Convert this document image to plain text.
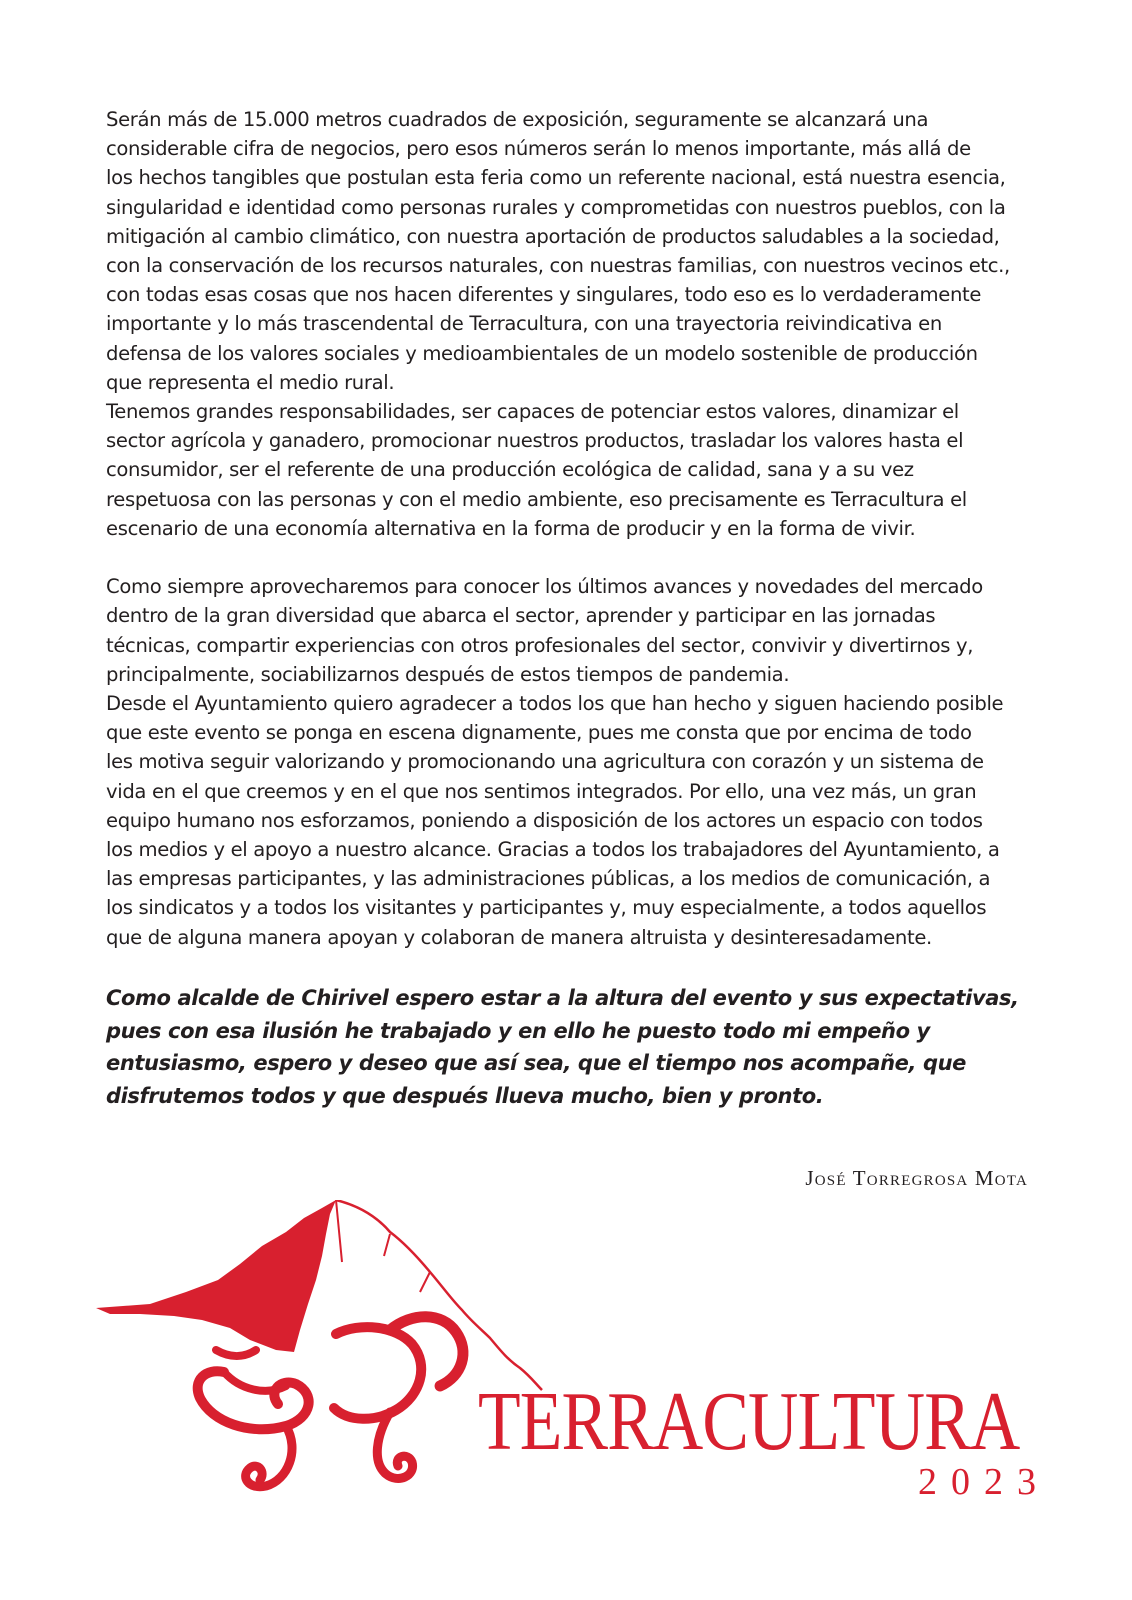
Serán más de 15.000 metros cuadrados de exposición, seguramente se alcanzará una
considerable cifra de negocios, pero esos números serán lo menos importante, más allá de
los hechos tangibles que postulan esta feria como un referente nacional, está nuestra esencia,
singularidad e identidad como personas rurales y comprometidas con nuestros pueblos, con la
mitigación al cambio climático, con nuestra aportación de productos saludables a la sociedad,
con la conservación de los recursos naturales, con nuestras familias, con nuestros vecinos etc.,
con todas esas cosas que nos hacen diferentes y singulares, todo eso es lo verdaderamente
importante y lo más trascendental de Terracultura, con una trayectoria reivindicativa en
defensa de los valores sociales y medioambientales de un modelo sostenible de producción
que representa el medio rural.
Tenemos grandes responsabilidades, ser capaces de potenciar estos valores, dinamizar el
sector agrícola y ganadero, promocionar nuestros productos, trasladar los valores hasta el
consumidor, ser el referente de una producción ecológica de calidad, sana y a su vez
respetuosa con las personas y con el medio ambiente, eso precisamente es Terracultura el
escenario de una economía alternativa en la forma de producir y en la forma de vivir.
Como siempre aprovecharemos para conocer los últimos avances y novedades del mercado
dentro de la gran diversidad que abarca el sector, aprender y participar en las jornadas
técnicas, compartir experiencias con otros profesionales del sector, convivir y divertirnos y,
principalmente, sociabilizarnos después de estos tiempos de pandemia.
Desde el Ayuntamiento quiero agradecer a todos los que han hecho y siguen haciendo posible
que este evento se ponga en escena dignamente, pues me consta que por encima de todo
les motiva seguir valorizando y promocionando una agricultura con corazón y un sistema de
vida en el que creemos y en el que nos sentimos integrados. Por ello, una vez más, un gran
equipo humano nos esforzamos, poniendo a disposición de los actores un espacio con todos
los medios y el apoyo a nuestro alcance. Gracias a todos los trabajadores del Ayuntamiento, a
las empresas participantes, y las administraciones públicas, a los medios de comunicación, a
los sindicatos y a todos los visitantes y participantes y, muy especialmente, a todos aquellos
que de alguna manera apoyan y colaboran de manera altruista y desinteresadamente.
Como alcalde de Chirivel espero estar a la altura del evento y sus expectativas,
pues con esa ilusión he trabajado y en ello he puesto todo mi empeño y
entusiasmo, espero y deseo que así sea, que el tiempo nos acompañe, que
disfrutemos todos y que después llueva mucho, bien y pronto.
José Torregrosa Mota
TERRACULTURA
2023
